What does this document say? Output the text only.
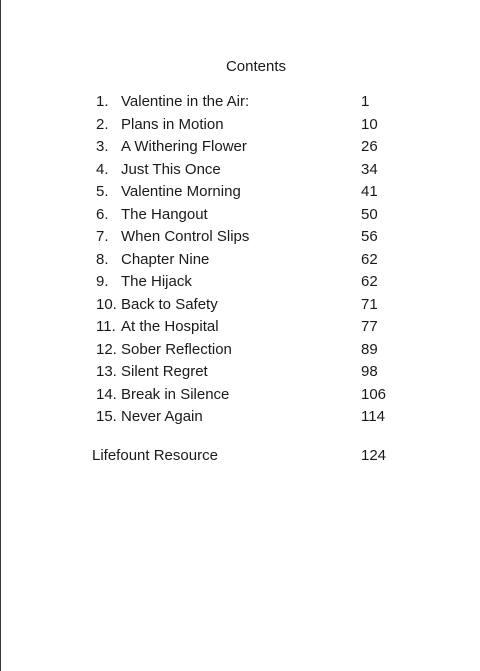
Contents
1. Valentine in the Air:	1
2. Plans in Motion	10
3. A Withering Flower	26
4. Just This Once	34
5. Valentine Morning	41
6. The Hangout	50
7. When Control Slips	56
8. Chapter Nine	62
9. The Hijack	62
10. Back to Safety	71
11. At the Hospital	77
12. Sober Reflection	89
13. Silent Regret	98
14. Break in Silence	106
15. Never Again	114
Lifefount Resource	124
